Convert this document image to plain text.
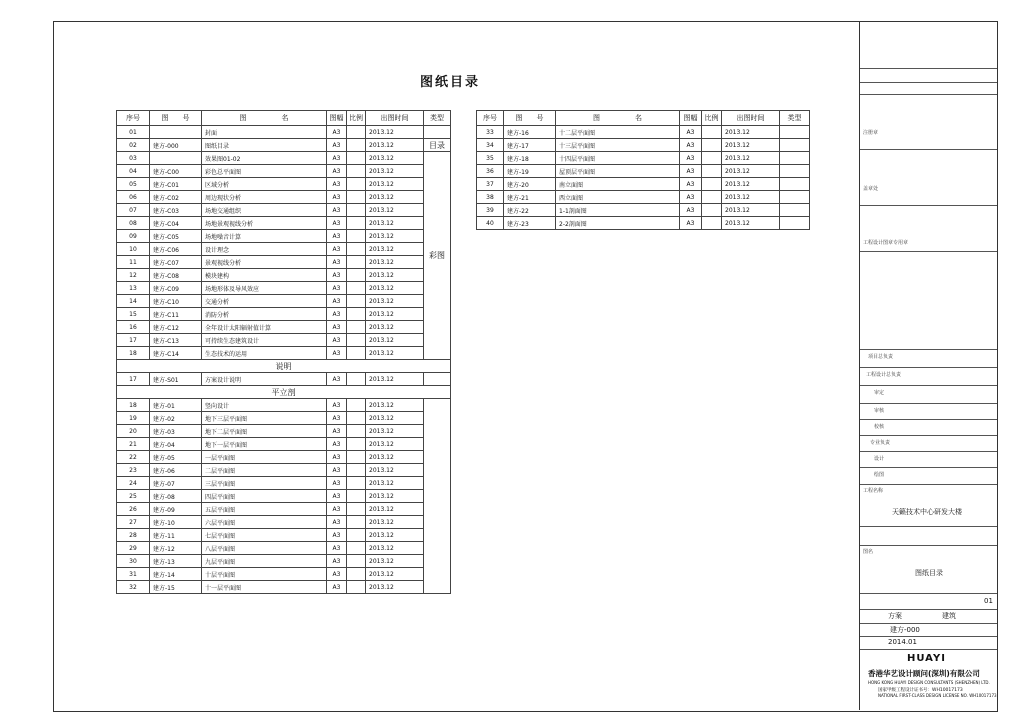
图纸目录
序号	图　　号	图　　　　　名	图幅	比例	出图时间	类型
01		封面	A3		2013.12	
02	建方-000	图纸目录	A3		2013.12	目录
03		效果图01-02	A3		2013.12	彩图
04	建方-C00	彩色总平面图	A3		2013.12	
05	建方-C01	区域分析	A3		2013.12	
06	建方-C02	周边现状分析	A3		2013.12	
07	建方-C03	场地交通组织	A3		2013.12	
08	建方-C04	场地景观视线分析	A3		2013.12	
09	建方-C05	场地噪音计算	A3		2013.12	
10	建方-C06	设计理念	A3		2013.12	
11	建方-C07	景观视线分析	A3		2013.12	
12	建方-C08	模块建构	A3		2013.12	
13	建方-C09	场地形体及导风效应	A3		2013.12	
14	建方-C10	交通分析	A3		2013.12	
15	建方-C11	消防分析	A3		2013.12	
16	建方-C12	全年设计太阳辐射值计算	A3		2013.12	
17	建方-C13	可持续生态建筑设计	A3		2013.12	
18	建方-C14	生态技术的运用	A3		2013.12	
说明						
17	建方-S01	方案设计说明	A3		2013.12	
平立剖						
18	建方-01	竖向设计	A3		2013.12	
19	建方-02	地下三层平面图	A3		2013.12	
20	建方-03	地下二层平面图	A3		2013.12	
21	建方-04	地下一层平面图	A3		2013.12	
22	建方-05	一层平面图	A3		2013.12	
23	建方-06	二层平面图	A3		2013.12	
24	建方-07	三层平面图	A3		2013.12	
25	建方-08	四层平面图	A3		2013.12	
26	建方-09	五层平面图	A3		2013.12	
27	建方-10	六层平面图	A3		2013.12	
28	建方-11	七层平面图	A3		2013.12	
29	建方-12	八层平面图	A3		2013.12	
30	建方-13	九层平面图	A3		2013.12	
31	建方-14	十层平面图	A3		2013.12	
32	建方-15	十一层平面图	A3		2013.12	
序号	图　　号	图　　　　　名	图幅	比例	出图时间	类型
33	建方-16	十二层平面图	A3		2013.12	
34	建方-17	十三层平面图	A3		2013.12	
35	建方-18	十四层平面图	A3		2013.12	
36	建方-19	屋顶层平面图	A3		2013.12	
37	建方-20	南立面图	A3		2013.12	
38	建方-21	西立面图	A3		2013.12	
39	建方-22	1-1剖面图	A3		2013.12	
40	建方-23	2-2剖面图	A3		2013.12	
注册章
盖章处
工程设计图章专用章
项目总负责
工程设计总负责
审定
审核
校核
专业负责
设计
绘图
工程名称
天籁技术中心研发大楼
图名
图纸目录
方案	建筑
建方-000
2014.01
01
HUAYI
香港华艺设计顾问(深圳)有限公司
HONG KONG HUAYI DESIGN CONSULTANTS (SHENZHEN) LTD.
国家甲级工程设计证书号：WH10017173
NATIONAL FIRST-CLASS DESIGN LICENSE NO. WH10017173
